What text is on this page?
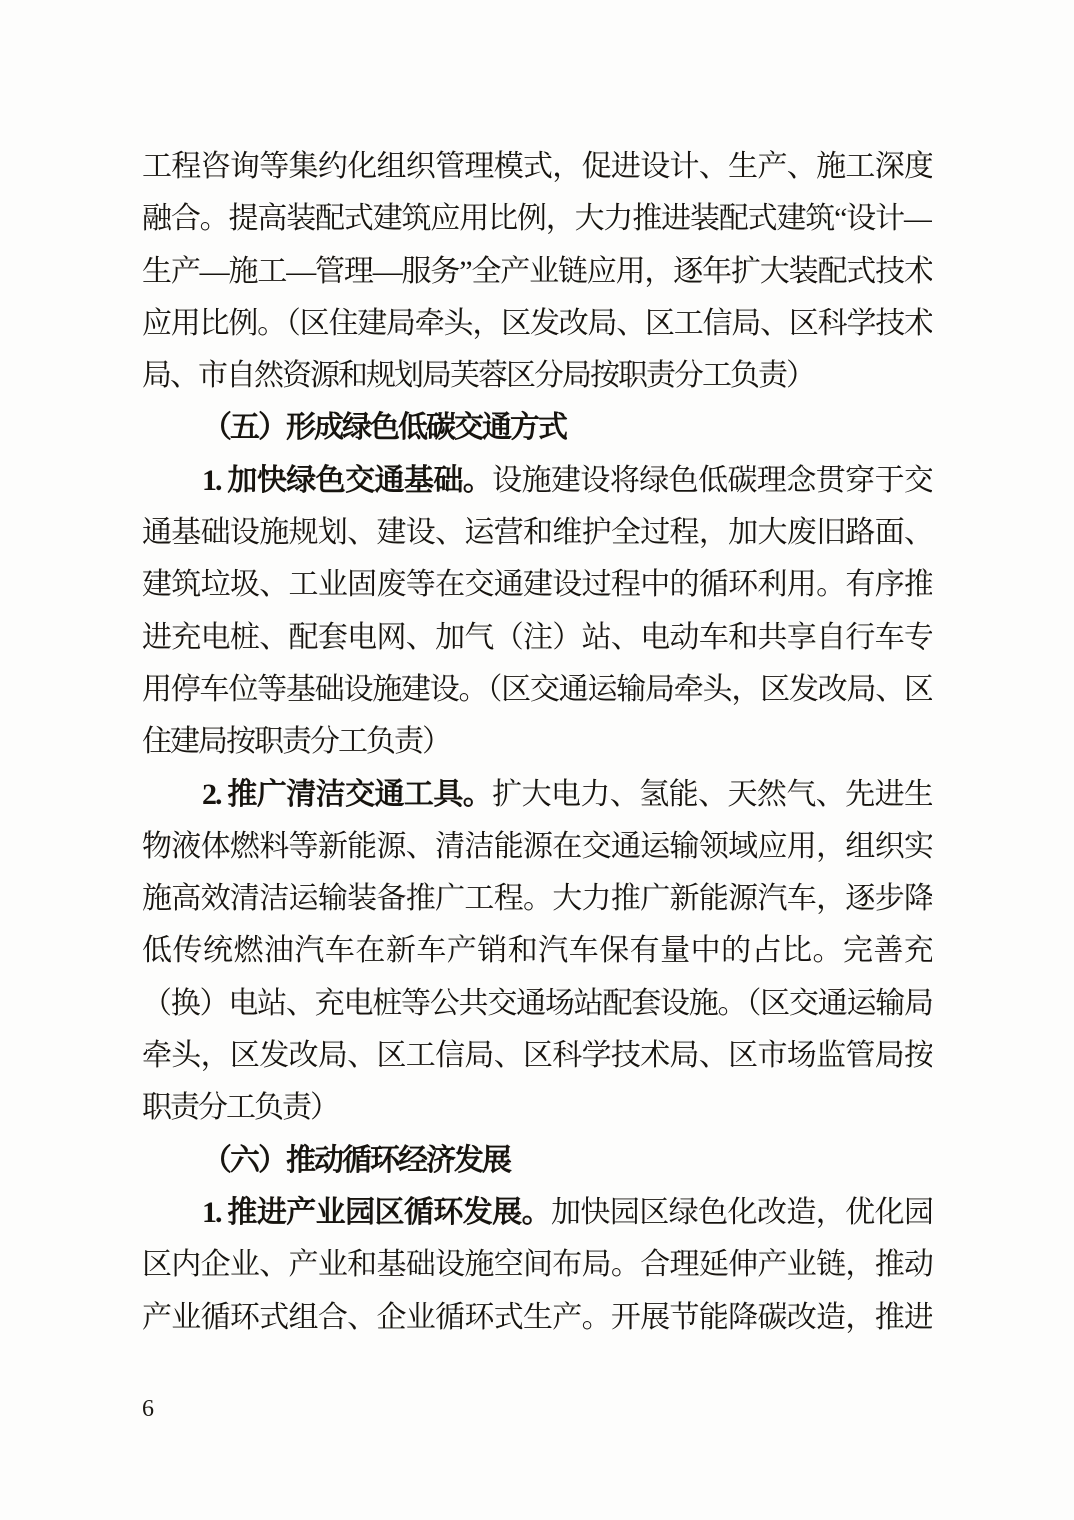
工程咨询等集约化组织管理模式，促进设计、生产、施工深度
融合。提高装配式建筑应用比例，大力推进装配式建筑“设计—
生产—施工—管理—服务”全产业链应用，逐年扩大装配式技术
应用比例。（区住建局牵头，区发改局、区工信局、区科学技术
局、市自然资源和规划局芙蓉区分局按职责分工负责）
（五）形成绿色低碳交通方式
1. 加快绿色交通基础。设施建设将绿色低碳理念贯穿于交
通基础设施规划、建设、运营和维护全过程，加大废旧路面、
建筑垃圾、工业固废等在交通建设过程中的循环利用。有序推
进充电桩、配套电网、加气（注）站、电动车和共享自行车专
用停车位等基础设施建设。（区交通运输局牵头，区发改局、区
住建局按职责分工负责）
2. 推广清洁交通工具。扩大电力、氢能、天然气、先进生
物液体燃料等新能源、清洁能源在交通运输领域应用，组织实
施高效清洁运输装备推广工程。大力推广新能源汽车，逐步降
低传统燃油汽车在新车产销和汽车保有量中的占比。完善充
（换）电站、充电桩等公共交通场站配套设施。（区交通运输局
牵头，区发改局、区工信局、区科学技术局、区市场监管局按
职责分工负责）
（六）推动循环经济发展
1. 推进产业园区循环发展。加快园区绿色化改造，优化园
区内企业、产业和基础设施空间布局。合理延伸产业链，推动
产业循环式组合、企业循环式生产。开展节能降碳改造，推进
6
